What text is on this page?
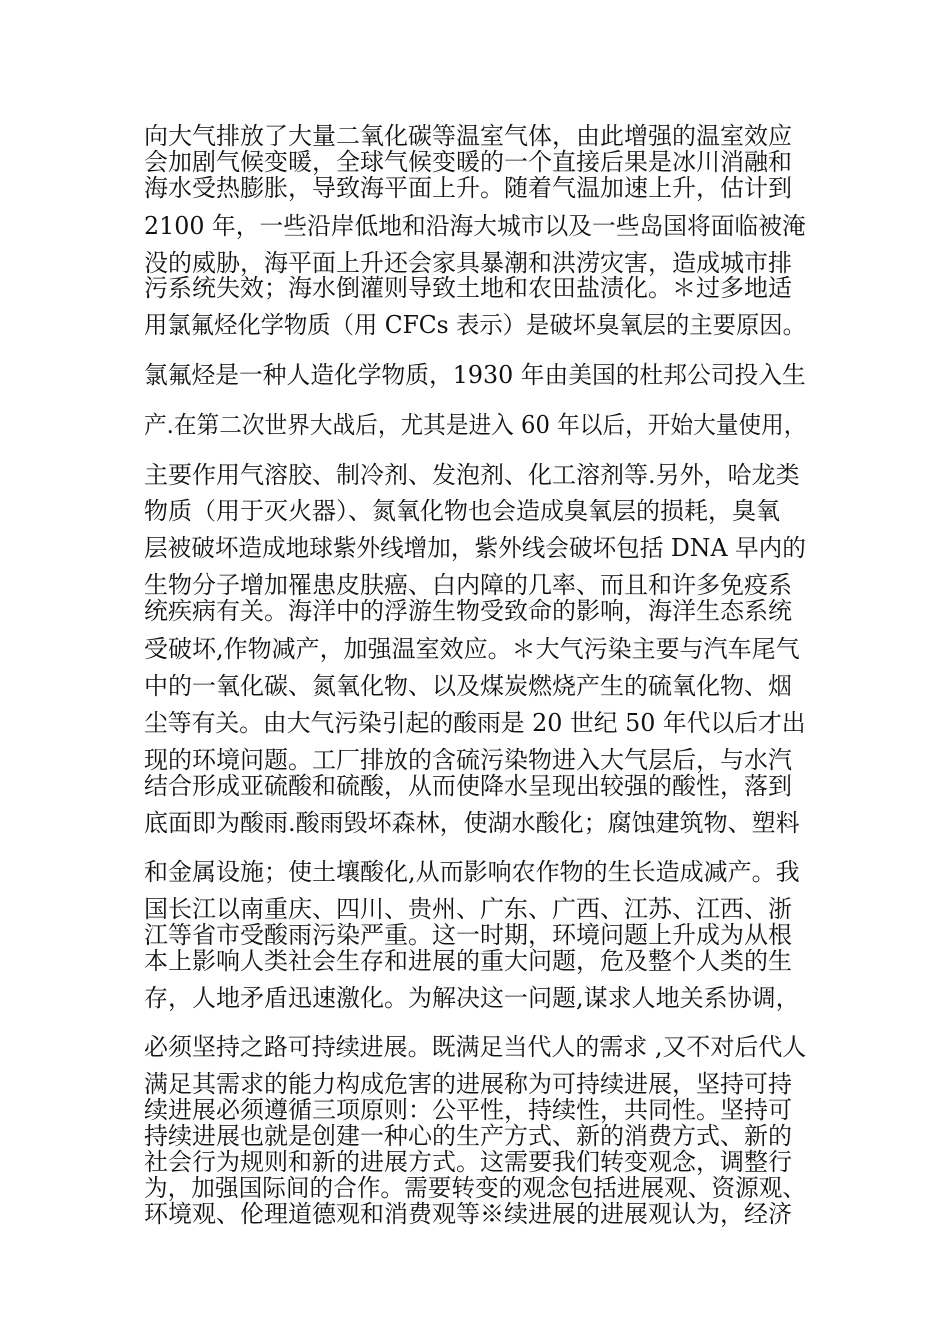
向大气排放了大量二氧化碳等温室气体，由此增强的温室效应
会加剧气候变暖，全球气候变暖的一个直接后果是冰川消融和
海水受热膨胀，导致海平面上升。随着气温加速上升，估计到
2100 年，一些沿岸低地和沿海大城市以及一些岛国将面临被淹
没的威胁，海平面上升还会家具暴潮和洪涝灾害，造成城市排
污系统失效；海水倒灌则导致土地和农田盐渍化。＊过多地适
用氯氟烃化学物质（用 CFCs 表示）是破坏臭氧层的主要原因。
氯氟烃是一种人造化学物质，1930 年由美国的杜邦公司投入生
产.在第二次世界大战后，尤其是进入 60 年以后，开始大量使用，
主要作用气溶胶、制冷剂、发泡剂、化工溶剂等.另外，哈龙类
物质（用于灭火器）、氮氧化物也会造成臭氧层的损耗，臭氧
层被破坏造成地球紫外线增加，紫外线会破坏包括 DNA 早内的
生物分子增加罹患皮肤癌、白内障的几率、而且和许多免疫系
统疾病有关。海洋中的浮游生物受致命的影响，海洋生态系统
受破坏,作物减产，加强温室效应。＊大气污染主要与汽车尾气
中的一氧化碳、氮氧化物、以及煤炭燃烧产生的硫氧化物、烟
尘等有关。由大气污染引起的酸雨是 20 世纪 50 年代以后才出
现的环境问题。工厂排放的含硫污染物进入大气层后，与水汽
结合形成亚硫酸和硫酸，从而使降水呈现出较强的酸性，落到
底面即为酸雨.酸雨毁坏森林，使湖水酸化；腐蚀建筑物、塑料
和金属设施；使土壤酸化,从而影响农作物的生长造成减产。我
国长江以南重庆、四川、贵州、广东、广西、江苏、江西、浙
江等省市受酸雨污染严重。这一时期，环境问题上升成为从根
本上影响人类社会生存和进展的重大问题，危及整个人类的生
存，人地矛盾迅速激化。为解决这一问题,谋求人地关系协调，
必须坚持之路可持续进展。既满足当代人的需求 ,又不对后代人
满足其需求的能力构成危害的进展称为可持续进展，坚持可持
续进展必须遵循三项原则：公平性，持续性，共同性。坚持可
持续进展也就是创建一种心的生产方式、新的消费方式、新的
社会行为规则和新的进展方式。这需要我们转变观念，调整行
为，加强国际间的合作。需要转变的观念包括进展观、资源观、
环境观、伦理道德观和消费观等※续进展的进展观认为，经济
